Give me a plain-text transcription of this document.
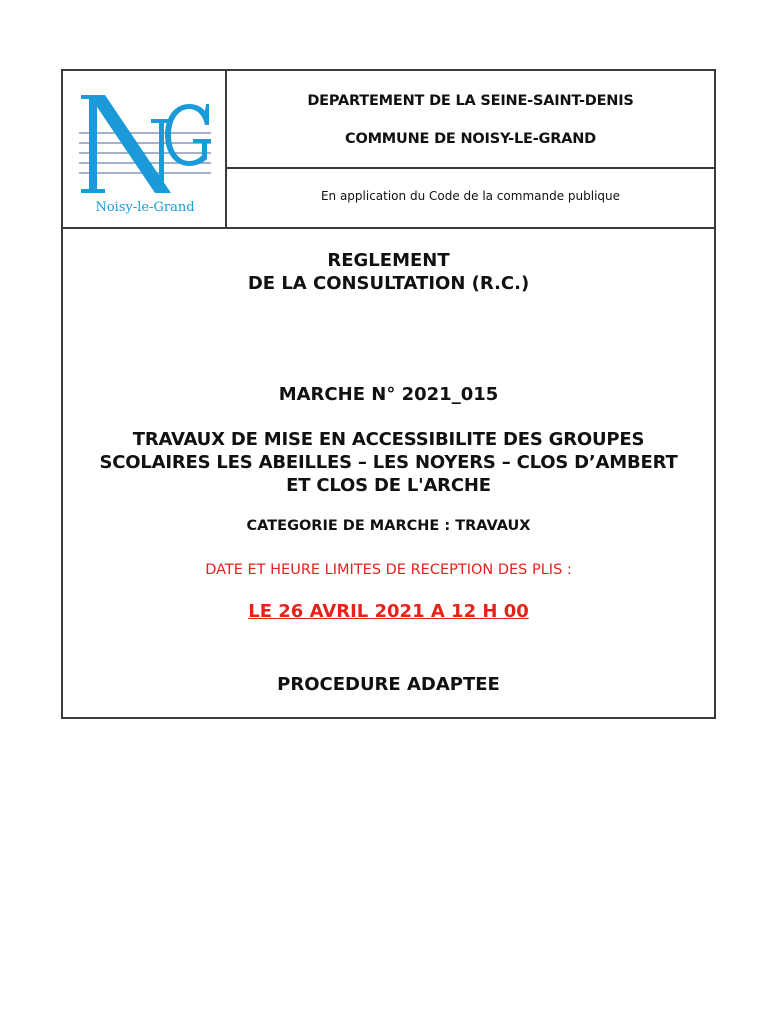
Noisy-le-Grand
DEPARTEMENT DE LA SEINE-SAINT-DENIS
COMMUNE DE NOISY-LE-GRAND
En application du Code de la commande publique
REGLEMENT
DE LA CONSULTATION (R.C.)
MARCHE N° 2021_015
TRAVAUX DE MISE EN ACCESSIBILITE DES GROUPES
SCOLAIRES LES ABEILLES – LES NOYERS – CLOS D’AMBERT
ET CLOS DE L'ARCHE
CATEGORIE DE MARCHE : TRAVAUX
DATE ET HEURE LIMITES DE RECEPTION DES PLIS :
LE 26 AVRIL 2021 A 12 H 00
PROCEDURE ADAPTEE
